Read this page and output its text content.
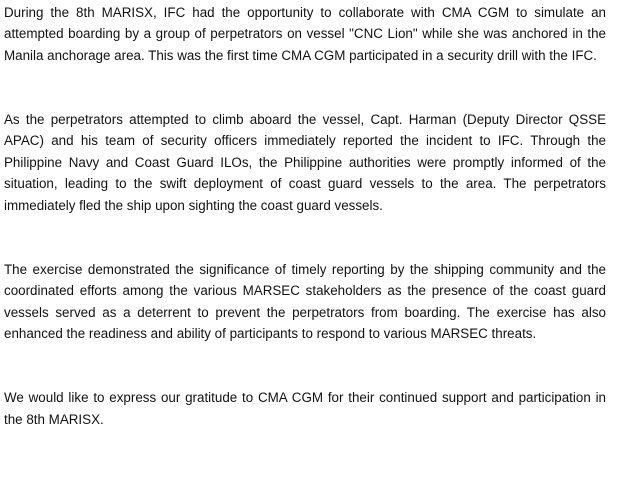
During the 8th MARISX, IFC had the opportunity to collaborate with CMA CGM to simulate an attempted boarding by a group of perpetrators on vessel "CNC Lion" while she was anchored in the Manila anchorage area. This was the first time CMA CGM participated in a security drill with the IFC.

As the perpetrators attempted to climb aboard the vessel, Capt. Harman (Deputy Director QSSE APAC) and his team of security officers immediately reported the incident to IFC. Through the Philippine Navy and Coast Guard ILOs, the Philippine authorities were promptly informed of the situation, leading to the swift deployment of coast guard vessels to the area. The perpetrators immediately fled the ship upon sighting the coast guard vessels.

The exercise demonstrated the significance of timely reporting by the shipping community and the coordinated efforts among the various MARSEC stakeholders as the presence of the coast guard vessels served as a deterrent to prevent the perpetrators from boarding. The exercise has also enhanced the readiness and ability of participants to respond to various MARSEC threats.

We would like to express our gratitude to CMA CGM for their continued support and participation in the 8th MARISX.
